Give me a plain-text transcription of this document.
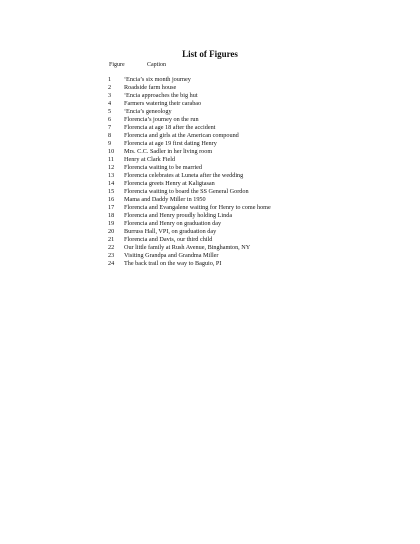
List of Figures
Figure	Caption
1	‘Encia’s six month journey
2	Roadside farm house
3	‘Encia approaches the big hut
4	Farmers watering their carabao
5	‘Encia’s geneology
6	Florencia’s journey on the run
7	Florencia at age 18 after the accident
8	Florencia and girls at the American compound
9	Florencia at age 19 first dating Henry
10	Mrs. C.C. Sadler in her living room
11	Henry at Clark Field
12	Florencia waiting to be married
13	Florencia celebrates at Luneta after the wedding
14	Florencia greets Henry at Kaligtasan
15	Florencia waiting to board the SS General Gordon
16	Mama and Daddy Miller in 1950
17	Florencia and Evangalene waiting for Henry to come home
18	Florencia and Henry proudly holding Linda
19	Florencia and Henry on graduation day
20	Burruss Hall, VPI, on graduation day
21	Florencia and Davis, our third child
22	Our little family at Rush Avenue, Binghamton, NY
23	Visiting Grandpa and Grandma Miller
24	The back trail on the way to Baguio, PI
